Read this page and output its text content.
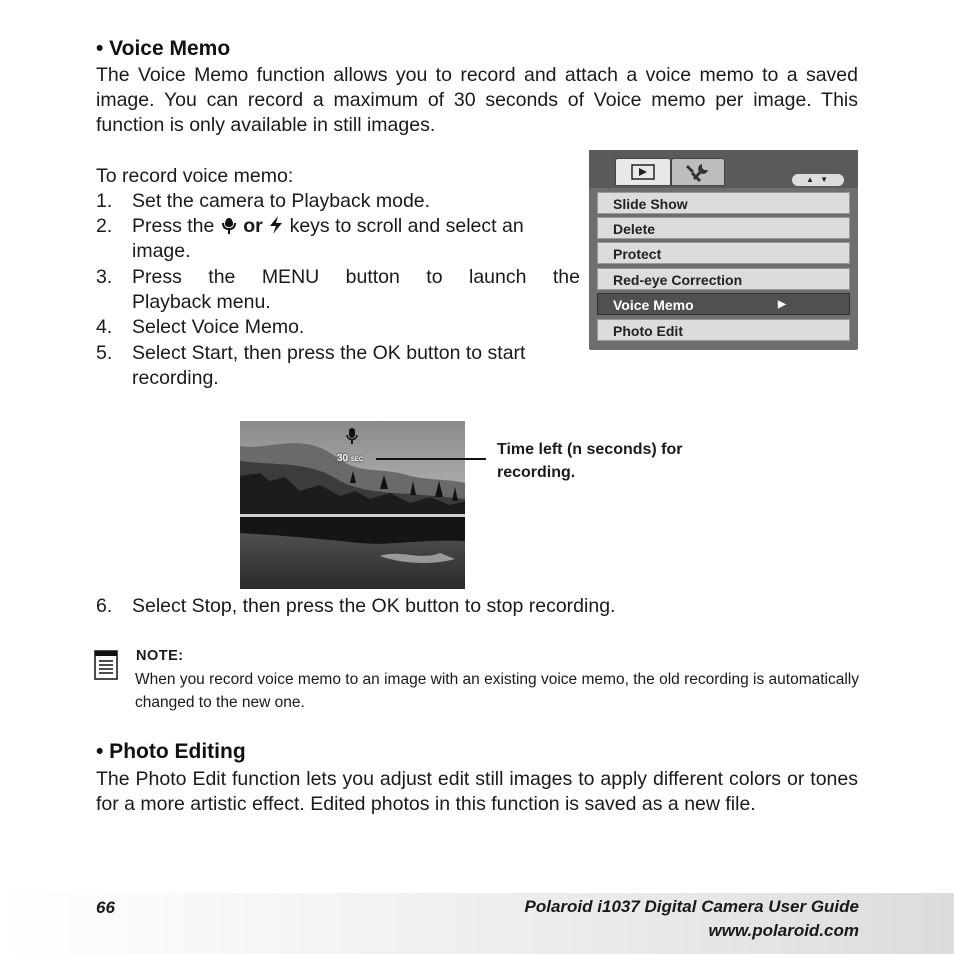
• Voice Memo
The Voice Memo function allows you to record and attach a voice memo to a saved image. You can record a maximum of 30 seconds of Voice memo per image. This function is only available in still images.
To record voice memo:
1. Set the camera to Playback mode.
2. Press the or keys to scroll and select an
image.
3. Press the MENU button to launch the
Playback menu.
4. Select Voice Memo.
5. Select Start, then press the OK button to start
recording.
▲ ▼
Slide Show
Delete
Protect
Red-eye Correction
Voice Memo	▶
Photo Edit
30 SEC
Time left (n seconds) for recording.
6. Select Stop, then press the OK button to stop recording.
NOTE:
When you record voice memo to an image with an existing voice memo, the old recording is automatically changed to the new one.
• Photo Editing
The Photo Edit function lets you adjust edit still images to apply different colors or tones for a more artistic effect. Edited photos in this function is saved as a new file.
66	Polaroid i1037 Digital Camera User Guide
www.polaroid.com
